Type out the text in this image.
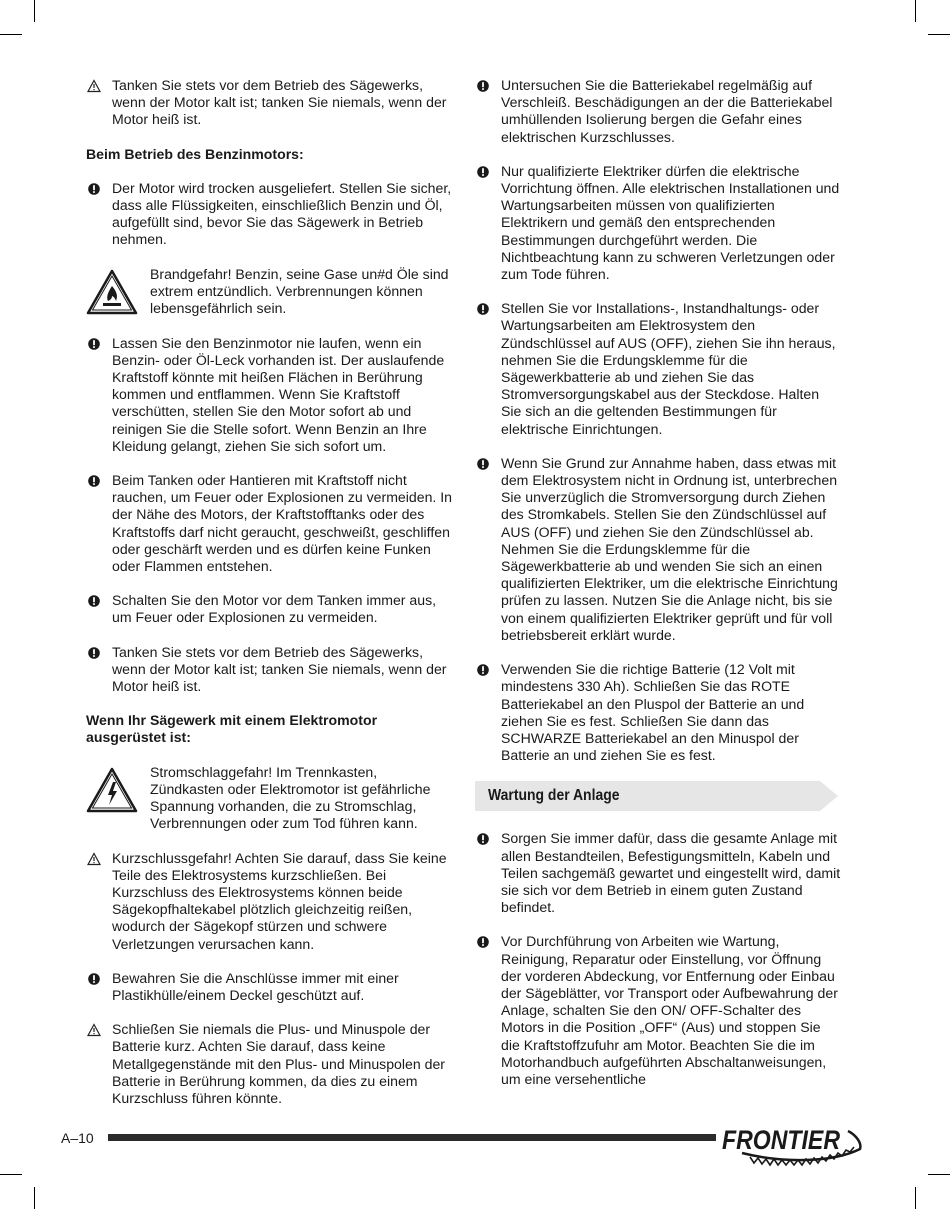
Tanken Sie stets vor dem Betrieb des Sägewerks, wenn der Motor kalt ist; tanken Sie niemals, wenn der Motor heiß ist.
Beim Betrieb des Benzinmotors:
Der Motor wird trocken ausgeliefert. Stellen Sie sicher, dass alle Flüssigkeiten, einschließlich Benzin und Öl, aufgefüllt sind, bevor Sie das Sägewerk in Betrieb nehmen.
Brandgefahr! Benzin, seine Gase un#d Öle sind extrem entzündlich. Verbrennungen können lebensgefährlich sein.
Lassen Sie den Benzinmotor nie laufen, wenn ein Benzin- oder Öl-Leck vorhanden ist. Der auslaufende Kraftstoff könnte mit heißen Flächen in Berührung kommen und entflammen. Wenn Sie Kraftstoff verschütten, stellen Sie den Motor sofort ab und reinigen Sie die Stelle sofort. Wenn Benzin an Ihre Kleidung gelangt, ziehen Sie sich sofort um.
Beim Tanken oder Hantieren mit Kraftstoff nicht rauchen, um Feuer oder Explosionen zu vermeiden. In der Nähe des Motors, der Kraftstofftanks oder des Kraftstoffs darf nicht geraucht, geschweißt, geschliffen oder geschärft werden und es dürfen keine Funken oder Flammen entstehen.
Schalten Sie den Motor vor dem Tanken immer aus, um Feuer oder Explosionen zu vermeiden.
Tanken Sie stets vor dem Betrieb des Sägewerks, wenn der Motor kalt ist; tanken Sie niemals, wenn der Motor heiß ist.
Wenn Ihr Sägewerk mit einem Elektromotor ausgerüstet ist:
Stromschlaggefahr! Im Trennkasten, Zündkasten oder Elektromotor ist gefährliche Spannung vorhanden, die zu Stromschlag, Verbrennungen oder zum Tod führen kann.
Kurzschlussgefahr! Achten Sie darauf, dass Sie keine Teile des Elektrosystems kurzschließen. Bei Kurzschluss des Elektrosystems können beide Sägekopfhaltekabel plötzlich gleichzeitig reißen, wodurch der Sägekopf stürzen und schwere Verletzungen verursachen kann.
Bewahren Sie die Anschlüsse immer mit einer Plastikhülle/einem Deckel geschützt auf.
Schließen Sie niemals die Plus- und Minuspole der Batterie kurz. Achten Sie darauf, dass keine Metallgegenstände mit den Plus- und Minuspolen der Batterie in Berührung kommen, da dies zu einem Kurzschluss führen könnte.
Untersuchen Sie die Batteriekabel regelmäßig auf Verschleiß. Beschädigungen an der die Batteriekabel umhüllenden Isolierung bergen die Gefahr eines elektrischen Kurzschlusses.
Nur qualifizierte Elektriker dürfen die elektrische Vorrichtung öffnen. Alle elektrischen Installationen und Wartungsarbeiten müssen von qualifizierten Elektrikern und gemäß den entsprechenden Bestimmungen durchgeführt werden. Die Nichtbeachtung kann zu schweren Verletzungen oder zum Tode führen.
Stellen Sie vor Installations-, Instandhaltungs- oder Wartungsarbeiten am Elektrosystem den Zündschlüssel auf AUS (OFF), ziehen Sie ihn heraus, nehmen Sie die Erdungsklemme für die Sägewerkbatterie ab und ziehen Sie das Stromversorgungskabel aus der Steckdose. Halten Sie sich an die geltenden Bestimmungen für elektrische Einrichtungen.
Wenn Sie Grund zur Annahme haben, dass etwas mit dem Elektrosystem nicht in Ordnung ist, unterbrechen Sie unverzüglich die Stromversorgung durch Ziehen des Stromkabels. Stellen Sie den Zündschlüssel auf AUS (OFF) und ziehen Sie den Zündschlüssel ab. Nehmen Sie die Erdungsklemme für die Sägewerkbatterie ab und wenden Sie sich an einen qualifizierten Elektriker, um die elektrische Einrichtung prüfen zu lassen. Nutzen Sie die Anlage nicht, bis sie von einem qualifizierten Elektriker geprüft und für voll betriebsbereit erklärt wurde.
Verwenden Sie die richtige Batterie (12 Volt mit mindestens 330 Ah). Schließen Sie das ROTE Batteriekabel an den Pluspol der Batterie an und ziehen Sie es fest. Schließen Sie dann das SCHWARZE Batteriekabel an den Minuspol der Batterie an und ziehen Sie es fest.
Wartung der Anlage
Sorgen Sie immer dafür, dass die gesamte Anlage mit allen Bestandteilen, Befestigungsmitteln, Kabeln und Teilen sachgemäß gewartet und eingestellt wird, damit sie sich vor dem Betrieb in einem guten Zustand befindet.
Vor Durchführung von Arbeiten wie Wartung, Reinigung, Reparatur oder Einstellung, vor Öffnung der vorderen Abdeckung, vor Entfernung oder Einbau der Sägeblätter, vor Transport oder Aufbewahrung der Anlage, schalten Sie den ON/ OFF-Schalter des Motors in die Position „OFF“ (Aus) und stoppen Sie die Kraftstoffzufuhr am Motor. Beachten Sie die im Motorhandbuch aufgeführten Abschaltanweisungen, um eine versehentliche
A–10	FRONTIER
